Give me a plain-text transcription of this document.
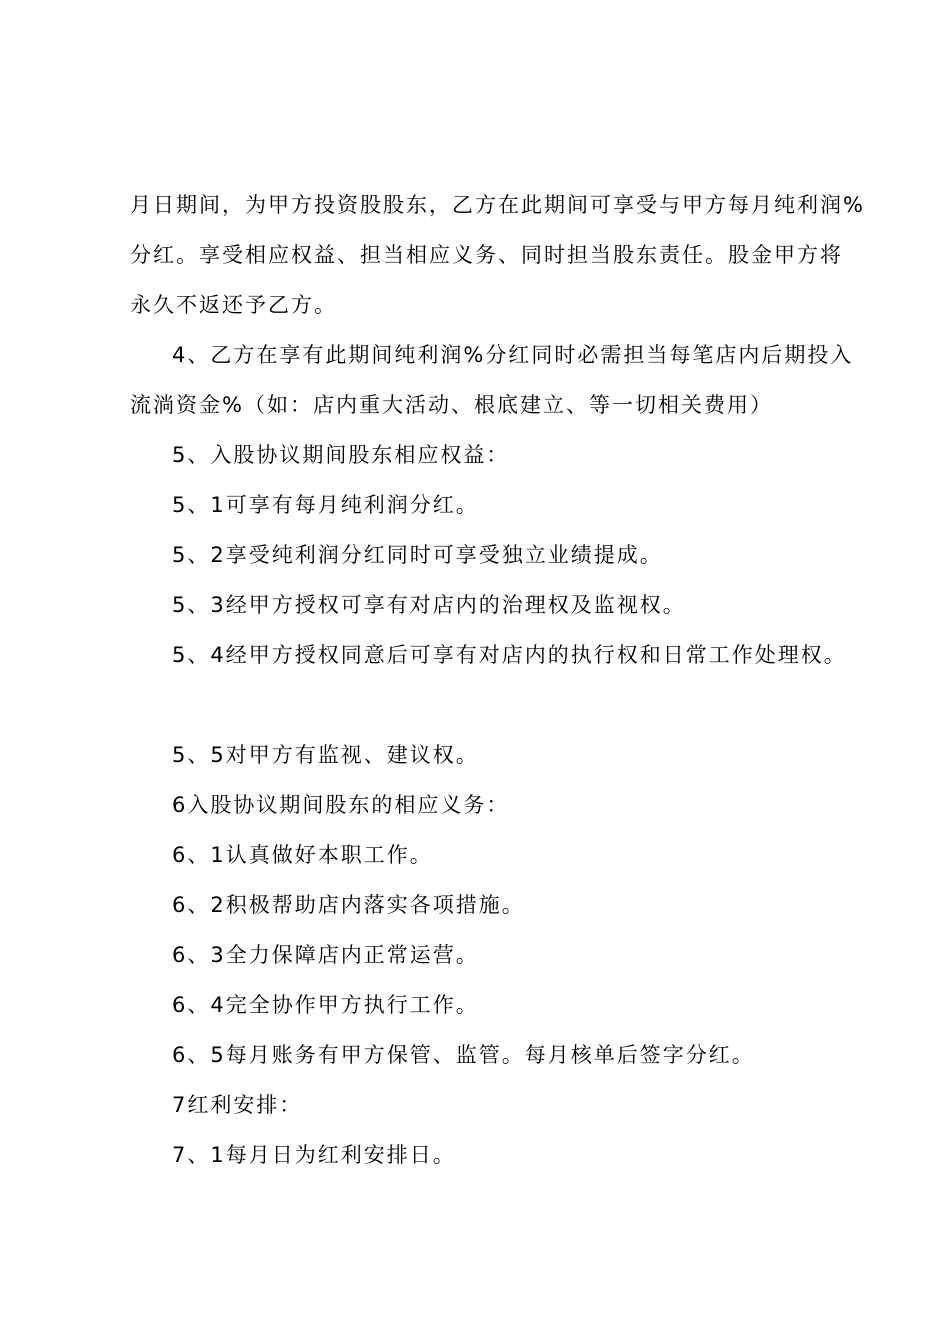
月日期间，为甲方投资股股东，乙方在此期间可享受与甲方每月纯利润%
分红。享受相应权益、担当相应义务、同时担当股东责任。股金甲方将
永久不返还予乙方。
4、乙方在享有此期间纯利润%分红同时必需担当每笔店内后期投入
流淌资金%（如：店内重大活动、根底建立、等一切相关费用）
5、入股协议期间股东相应权益：
5、1可享有每月纯利润分红。
5、2享受纯利润分红同时可享受独立业绩提成。
5、3经甲方授权可享有对店内的治理权及监视权。
5、4经甲方授权同意后可享有对店内的执行权和日常工作处理权。
5、5对甲方有监视、建议权。
6入股协议期间股东的相应义务：
6、1认真做好本职工作。
6、2积极帮助店内落实各项措施。
6、3全力保障店内正常运营。
6、4完全协作甲方执行工作。
6、5每月账务有甲方保管、监管。每月核单后签字分红。
7红利安排：
7、1每月日为红利安排日。
